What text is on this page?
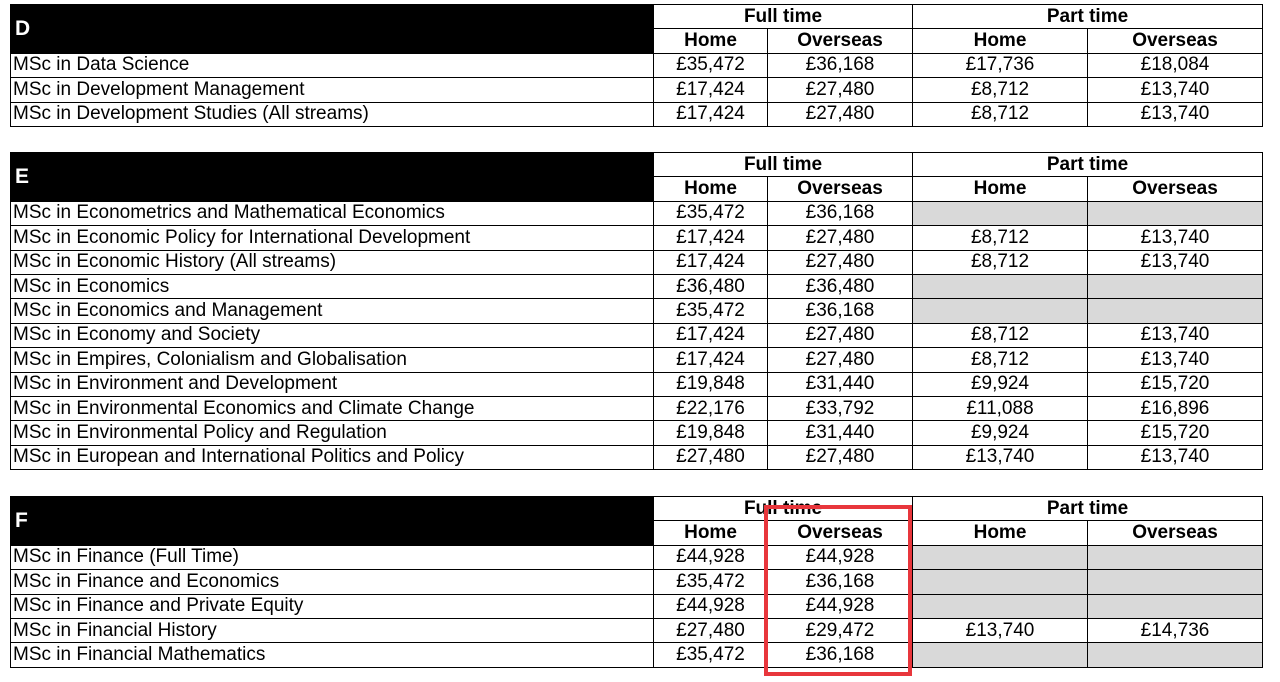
D	Full time		Part time	
	Home	Overseas	Home	Overseas
MSc in Data Science	£35,472	£36,168	£17,736	£18,084
MSc in Development Management	£17,424	£27,480	£8,712	£13,740
MSc in Development Studies (All streams)	£17,424	£27,480	£8,712	£13,740
E	Full time		Part time	
	Home	Overseas	Home	Overseas
MSc in Econometrics and Mathematical Economics	£35,472	£36,168		
MSc in Economic Policy for International Development	£17,424	£27,480	£8,712	£13,740
MSc in Economic History (All streams)	£17,424	£27,480	£8,712	£13,740
MSc in Economics	£36,480	£36,480		
MSc in Economics and Management	£35,472	£36,168		
MSc in Economy and Society	£17,424	£27,480	£8,712	£13,740
MSc in Empires, Colonialism and Globalisation	£17,424	£27,480	£8,712	£13,740
MSc in Environment and Development	£19,848	£31,440	£9,924	£15,720
MSc in Environmental Economics and Climate Change	£22,176	£33,792	£11,088	£16,896
MSc in Environmental Policy and Regulation	£19,848	£31,440	£9,924	£15,720
MSc in European and International Politics and Policy	£27,480	£27,480	£13,740	£13,740
F	Full time		Part time	
	Home	Overseas	Home	Overseas
MSc in Finance (Full Time)	£44,928	£44,928		
MSc in Finance and Economics	£35,472	£36,168		
MSc in Finance and Private Equity	£44,928	£44,928		
MSc in Financial History	£27,480	£29,472	£13,740	£14,736
MSc in Financial Mathematics	£35,472	£36,168		
